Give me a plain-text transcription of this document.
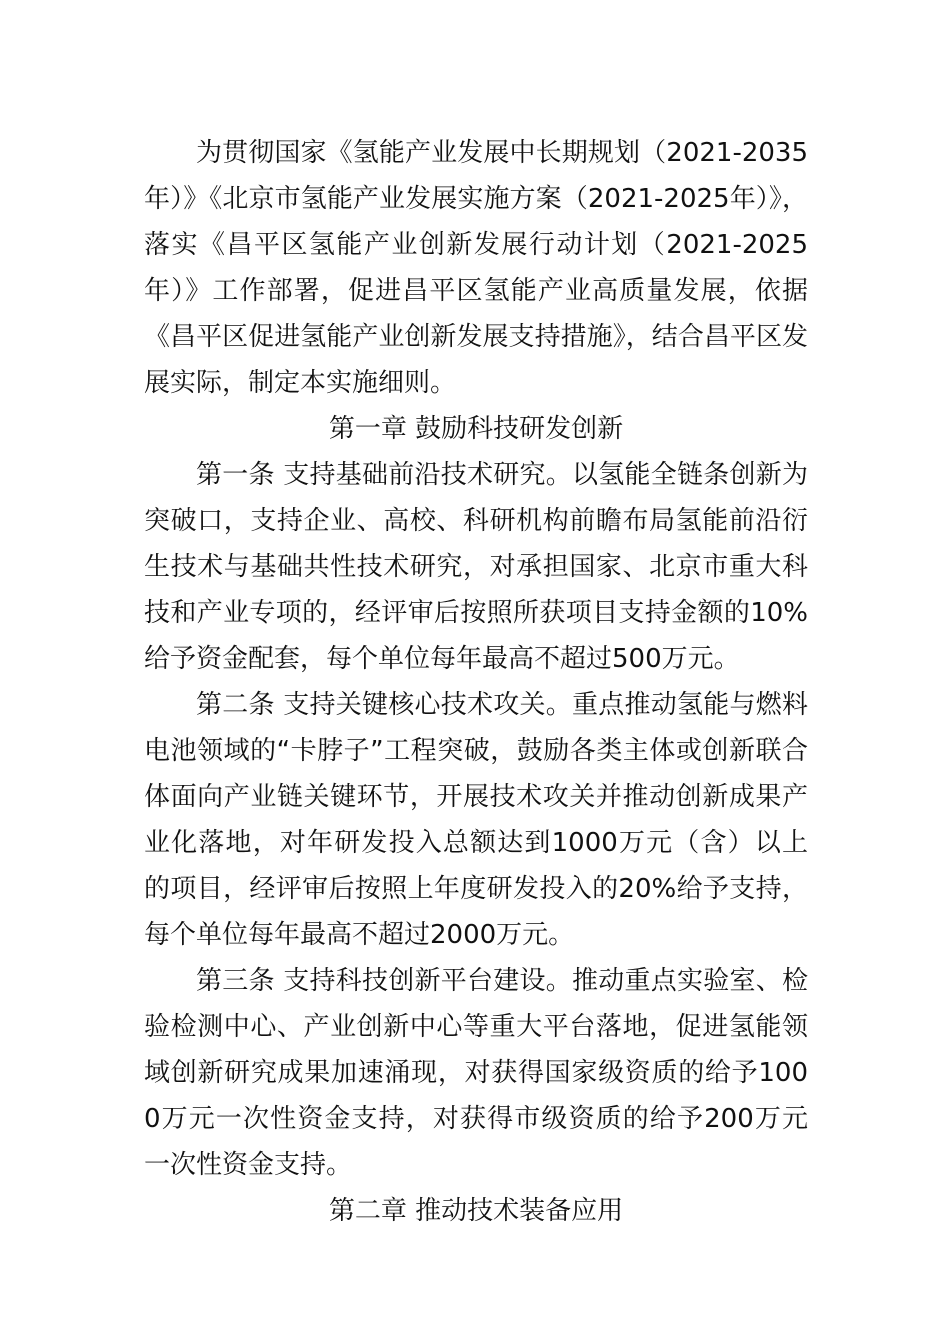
为贯彻国家《氢能产业发展中长期规划（2021-2035年）》《北京市氢能产业发展实施方案（2021-2025年）》，落实《昌平区氢能产业创新发展行动计划（2021-2025年）》工作部署，促进昌平区氢能产业高质量发展，依据《昌平区促进氢能产业创新发展支持措施》，结合昌平区发展实际，制定本实施细则。

第一章 鼓励科技研发创新

第一条 支持基础前沿技术研究。以氢能全链条创新为突破口，支持企业、高校、科研机构前瞻布局氢能前沿衍生技术与基础共性技术研究，对承担国家、北京市重大科技和产业专项的，经评审后按照所获项目支持金额的10%给予资金配套，每个单位每年最高不超过500万元。

第二条 支持关键核心技术攻关。重点推动氢能与燃料电池领域的“卡脖子”工程突破，鼓励各类主体或创新联合体面向产业链关键环节，开展技术攻关并推动创新成果产业化落地，对年研发投入总额达到1000万元（含）以上的项目，经评审后按照上年度研发投入的20%给予支持，每个单位每年最高不超过2000万元。

第三条 支持科技创新平台建设。推动重点实验室、检验检测中心、产业创新中心等重大平台落地，促进氢能领域创新研究成果加速涌现，对获得国家级资质的给予1000万元一次性资金支持，对获得市级资质的给予200万元一次性资金支持。

第二章 推动技术装备应用
